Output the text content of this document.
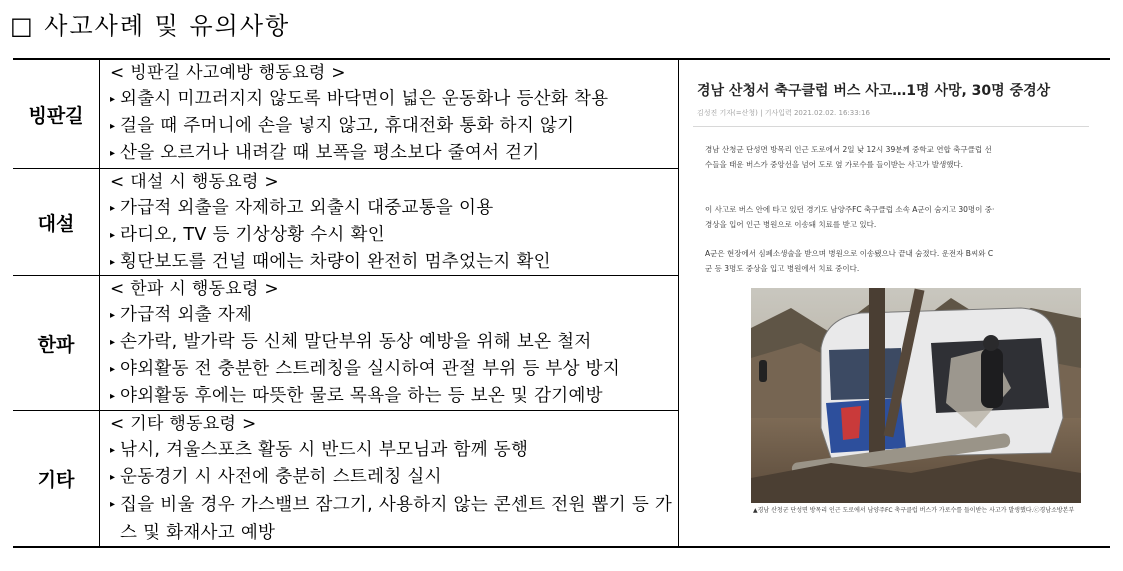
□ 사고사례 및 유의사항
빙판길
< 빙판길 사고예방 행동요령 >
▸ 외출시 미끄러지지 않도록 바닥면이 넓은 운동화나 등산화 착용
▸ 걸을 때 주머니에 손을 넣지 않고, 휴대전화 통화 하지 않기
▸ 산을 오르거나 내려갈 때 보폭을 평소보다 줄여서 걷기
대설
< 대설 시 행동요령 >
▸ 가급적 외출을 자제하고 외출시 대중교통을 이용
▸ 라디오, TV 등 기상상황 수시 확인
▸ 횡단보도를 건널 때에는 차량이 완전히 멈추었는지 확인
한파
< 한파 시 행동요령 >
▸ 가급적 외출 자제
▸ 손가락, 발가락 등 신체 말단부위 동상 예방을 위해 보온 철저
▸ 야외활동 전 충분한 스트레칭을 실시하여 관절 부위 등 부상 방지
▸ 야외활동 후에는 따뜻한 물로 목욕을 하는 등 보온 및 감기예방
기타
< 기타 행동요령 >
▸ 낚시, 겨울스포츠 활동 시 반드시 부모님과 함께 동행
▸ 운동경기 시 사전에 충분히 스트레칭 실시
▸ 집을 비울 경우 가스밸브 잠그기, 사용하지 않는 콘센트 전원 뽑기 등 가스 및 화재사고 예방
경남 산청서 축구클럽 버스 사고…1명 사망, 30명 중경상
김성진 기자(=산청) | 기사입력 2021.02.02. 16:33:16
경남 산청군 단성면 방목리 인근 도로에서 2일 낮 12시 39분께 중학교 연합 축구클럽 선수들을 태운 버스가 중앙선을 넘어 도로 옆 가로수를 들이받는 사고가 발생했다.
이 사고로 버스 안에 타고 있던 경기도 남양주FC 축구클럽 소속 A군이 숨지고 30명이 중·경상을 입어 인근 병원으로 이송돼 치료를 받고 있다.
A군은 현장에서 심폐소생술을 받으며 병원으로 이송됐으나 끝내 숨졌다. 운전자 B씨와 C군 등 3명도 중상을 입고 병원에서 치료 중이다.
▲경남 산청군 단성면 방목리 인근 도로에서 남양주FC 축구클럽 버스가 가로수를 들이받는 사고가 발생했다.ⓒ경남소방본부
